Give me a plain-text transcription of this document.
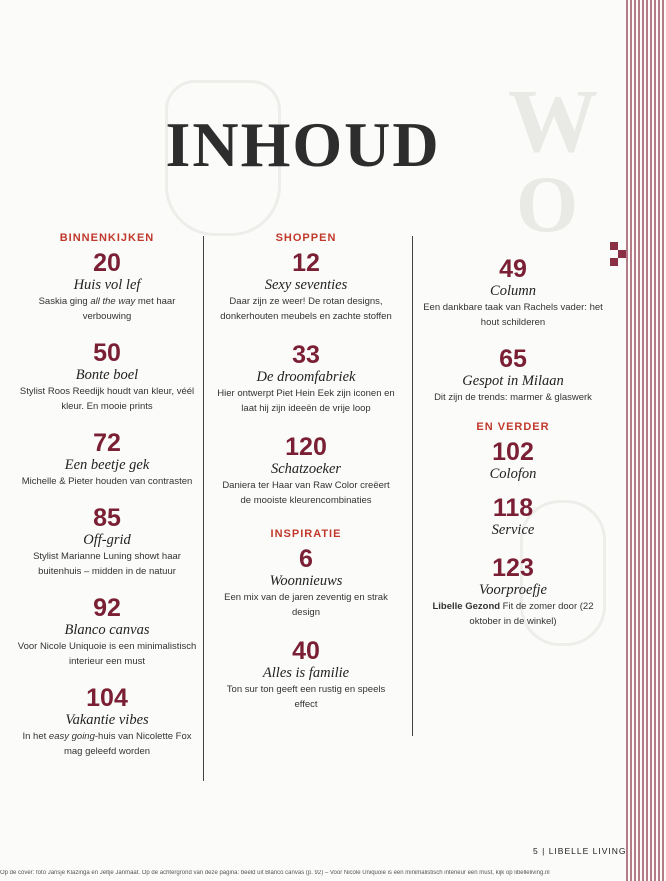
W
O
INHOUD
BINNENKIJKEN
20
Huis vol lef
Saskia ging all the way met haar verbouwing
50
Bonte boel
Stylist Roos Reedijk houdt van kleur, véél kleur. En mooie prints
72
Een beetje gek
Michelle & Pieter houden van contrasten
85
Off-grid
Stylist Marianne Luning showt haar buitenhuis – midden in de natuur
92
Blanco canvas
Voor Nicole Uniquoie is een minimalistisch interieur een must
104
Vakantie vibes
In het easy going-huis van Nicolette Fox mag geleefd worden
SHOPPEN
12
Sexy seventies
Daar zijn ze weer! De rotan designs, donkerhouten meubels en zachte stoffen
33
De droomfabriek
Hier ontwerpt Piet Hein Eek zijn iconen en laat hij zijn ideeën de vrije loop
120
Schatzoeker
Daniera ter Haar van Raw Color creëert de mooiste kleurencombinaties
INSPIRATIE
6
Woonnieuws
Een mix van de jaren zeventig en strak design
40
Alles is familie
Ton sur ton geeft een rustig en speels effect
49
Column
Een dankbare taak van Rachels vader: het hout schilderen
65
Gespot in Milaan
Dit zijn de trends: marmer & glaswerk
EN VERDER
102
Colofon
118
Service
123
Voorproefje
Libelle Gezond Fit de zomer door (22 oktober in de winkel)
5 | LIBELLE LIVING
Op de cover: foto Jansje Klazinga en Jeltje Janmaat. Op de achtergrond van deze pagina: beeld uit Blanco canvas (p. 92) – Voor Nicole Uniquoie is een minimalistisch interieur een must, kijk op libelleliving.nl
